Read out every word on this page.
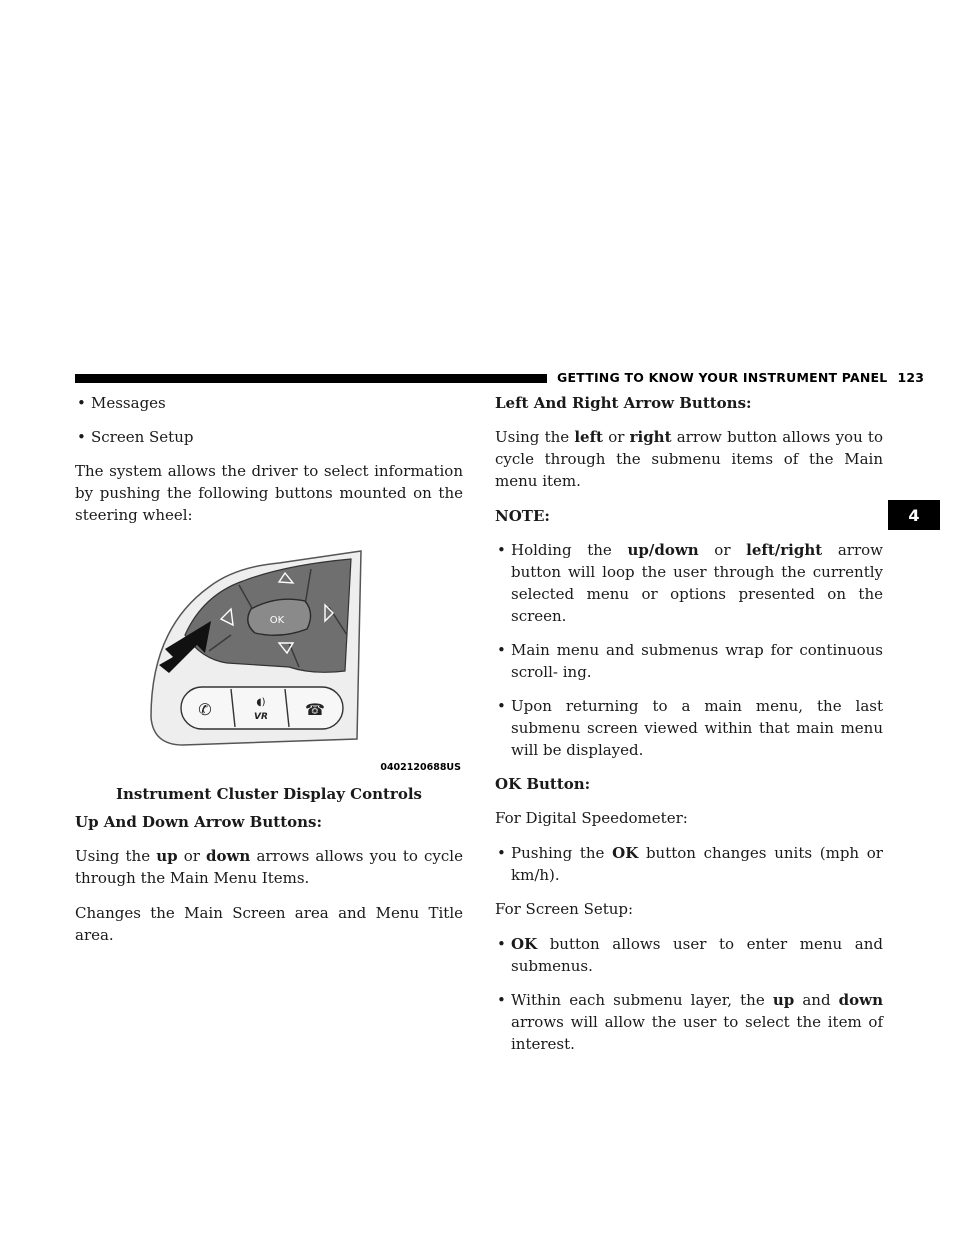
GETTING TO KNOW YOUR INSTRUMENT PANEL 123
4

• Messages

• Screen Setup

The system allows the driver to select information by pushing the following buttons mounted on the steering wheel:

OK
✆	◖)
VR ☎
0402120688US

Instrument Cluster Display Controls

Up And Down Arrow Buttons:

Using the up or down arrows allows you to cycle through the Main Menu Items.

Changes the Main Screen area and Menu Title area.

Left And Right Arrow Buttons:

Using the left or right arrow button allows you to cycle through the submenu items of the Main menu item.

NOTE:

• Holding the up/down or left/right arrow button will loop the user through the currently selected menu or options presented on the screen.

• Main menu and submenus wrap for continuous scroll- ing.

• Upon returning to a main menu, the last submenu screen viewed within that main menu will be displayed.

OK Button:

For Digital Speedometer:

• Pushing the OK button changes units (mph or km/h).

For Screen Setup:

• OK button allows user to enter menu and submenus.

• Within each submenu layer, the up and down arrows will allow the user to select the item of interest.
